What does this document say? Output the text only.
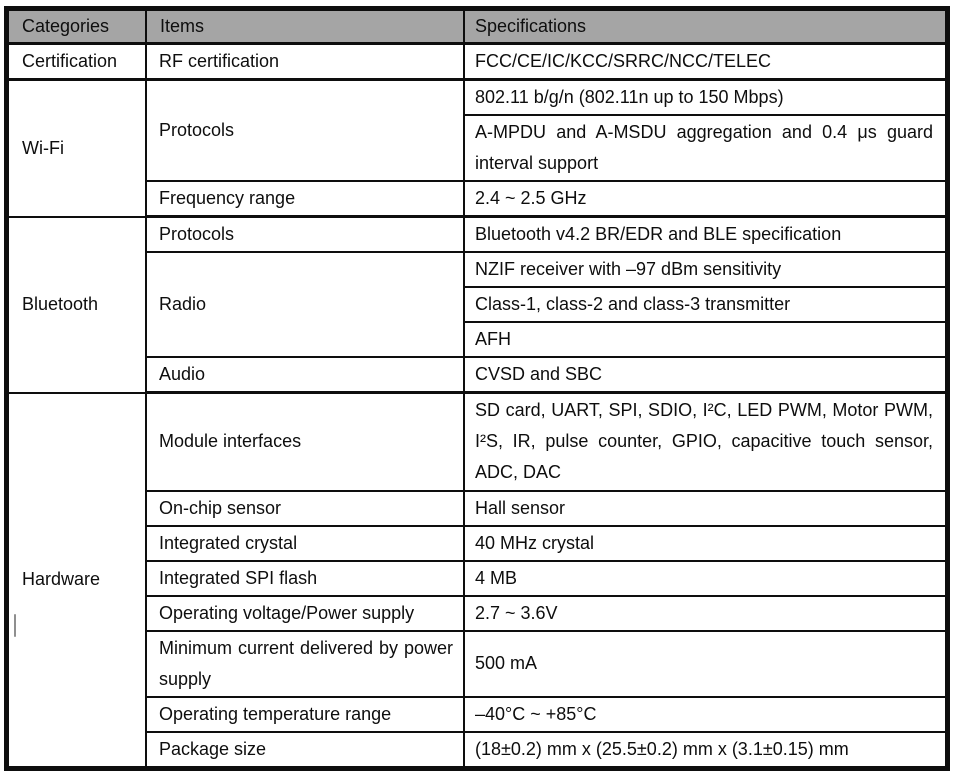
Categories	Items	Specifications
Certification	RF certification	FCC/CE/IC/KCC/SRRC/NCC/TELEC
Wi-Fi	Protocols	802.11 b/g/n (802.11n up to 150 Mbps)
		A-MPDU and A-MSDU aggregation and 0.4 μs guard interval support
	Frequency range	2.4 ~ 2.5 GHz
Bluetooth	Protocols	Bluetooth v4.2 BR/EDR and BLE specification
	Radio	NZIF receiver with –97 dBm sensitivity
		Class-1, class-2 and class-3 transmitter
		AFH
	Audio	CVSD and SBC
Hardware	Module interfaces	SD card, UART, SPI, SDIO, I²C, LED PWM, Motor PWM, I²S, IR, pulse counter, GPIO, capacitive touch sensor, ADC, DAC
	On-chip sensor	Hall sensor
	Integrated crystal	40 MHz crystal
	Integrated SPI flash	4 MB
	Operating voltage/Power supply	2.7 ~ 3.6V
	Minimum current delivered by power supply	500 mA
	Operating temperature range	–40°C ~ +85°C
	Package size	(18±0.2) mm x (25.5±0.2) mm x (3.1±0.15) mm
